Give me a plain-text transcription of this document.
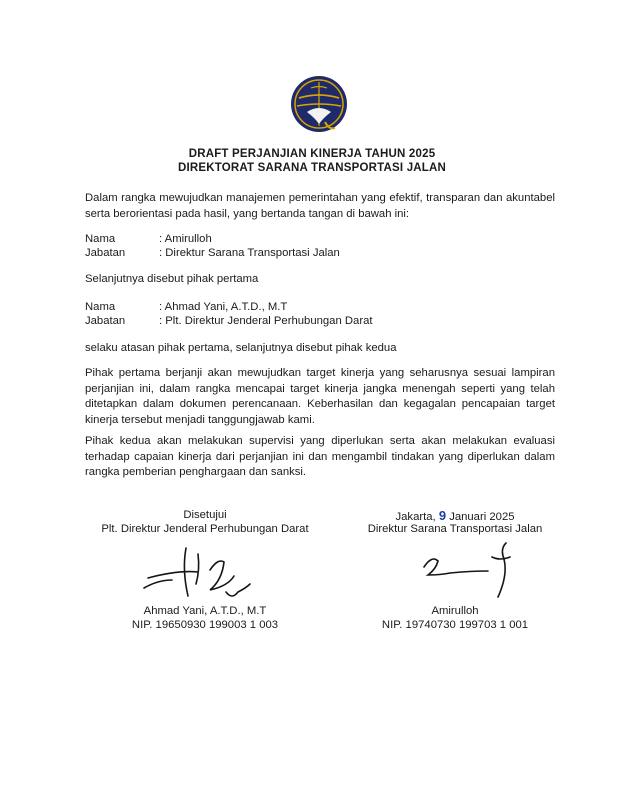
DRAFT PERJANJIAN KINERJA TAHUN 2025
DIREKTORAT SARANA TRANSPORTASI JALAN

Dalam rangka mewujudkan manajemen pemerintahan yang efektif, transparan dan akuntabel serta berorientasi pada hasil, yang bertanda tangan di bawah ini:

Nama	: Amirulloh
Jabatan	: Direktur Sarana Transportasi Jalan
Selanjutnya disebut pihak pertama
Nama	: Ahmad Yani, A.T.D., M.T
Jabatan	: Plt. Direktur Jenderal Perhubungan Darat
selaku atasan pihak pertama, selanjutnya disebut pihak kedua

Pihak pertama berjanji akan mewujudkan target kinerja yang seharusnya sesuai lampiran perjanjian ini, dalam rangka mencapai target kinerja jangka menengah seperti yang telah ditetapkan dalam dokumen perencanaan. Keberhasilan dan kegagalan pencapaian target kinerja tersebut menjadi tanggungjawab kami.

Pihak kedua akan melakukan supervisi yang diperlukan serta akan melakukan evaluasi terhadap capaian kinerja dari perjanjian ini dan mengambil tindakan yang diperlukan dalam rangka pemberian penghargaan dan sanksi.

Disetujui
Plt. Direktur Jenderal Perhubungan Darat
Ahmad Yani, A.T.D., M.T
NIP. 19650930 199003 1 003
Jakarta, 9 Januari 2025
Direktur Sarana Transportasi Jalan
Amirulloh
NIP. 19740730 199703 1 001
